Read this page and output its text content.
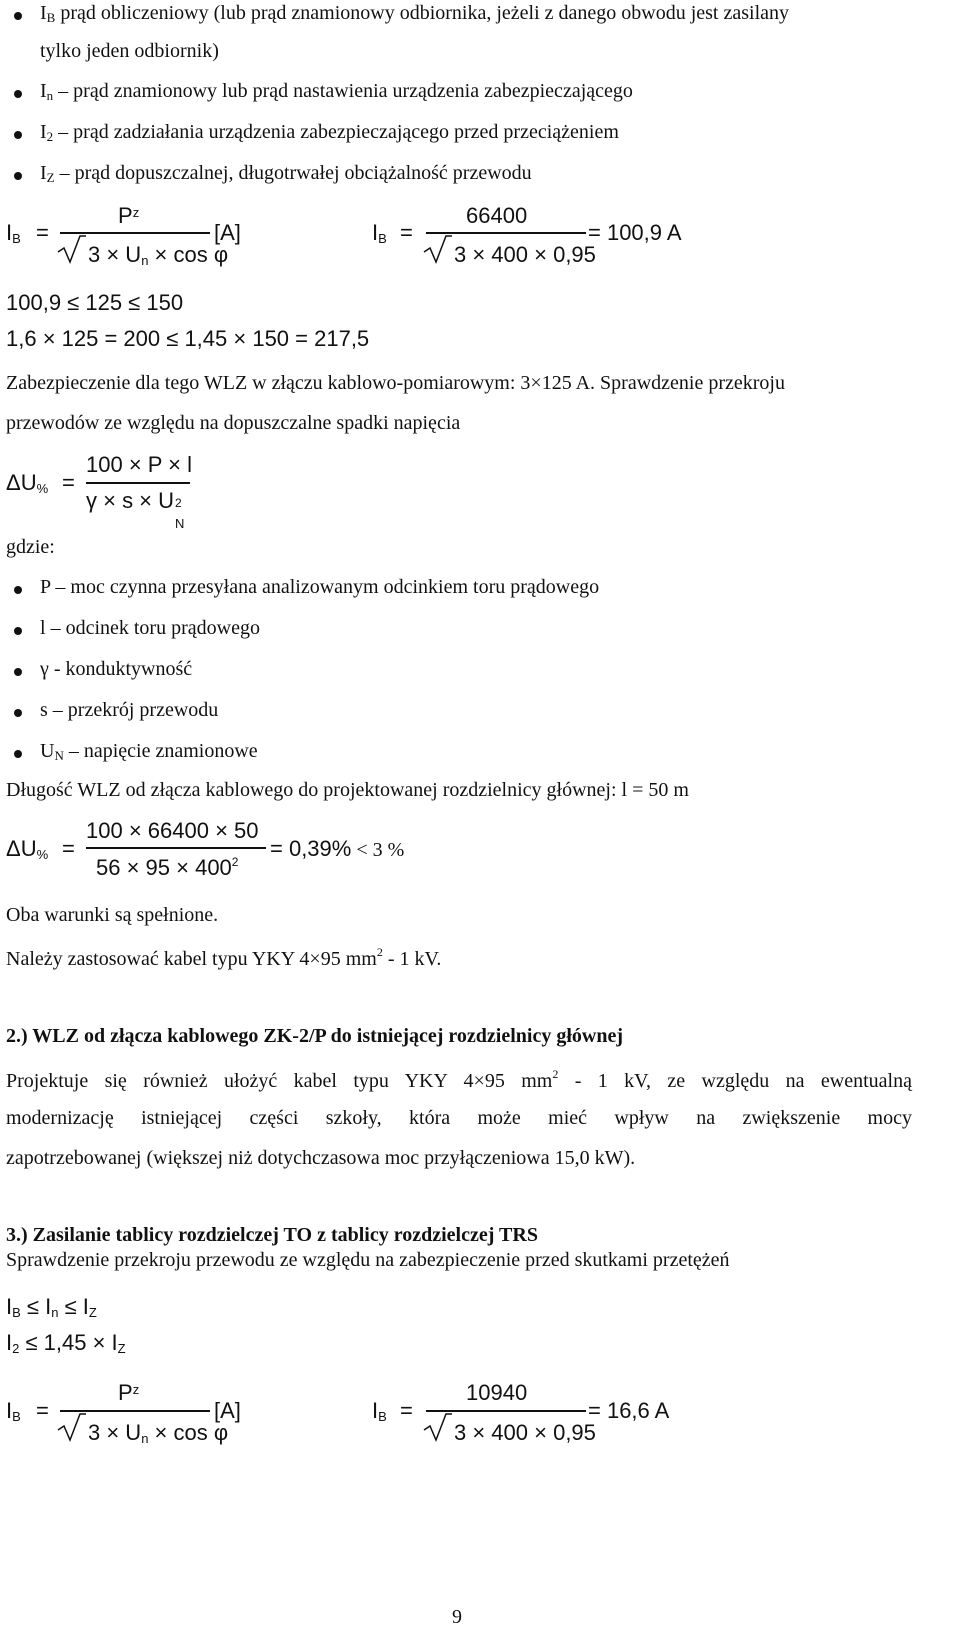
$I_B$ prąd obliczeniowy (lub prąd znamionowy odbiornika, jeżeli z danego obwodu jest zasilany
tylko jeden odbiornik)
$I_n$ – prąd znamionowy lub prąd nastawienia urządzenia zabezpieczającego
$I_2$ – prąd zadziałania urządzenia zabezpieczającego przed przeciążeniem
$I_Z$ – prąd dopuszczalnej, długotrwałej obciążalność przewodu
$I_B$ =
$P_z$
$3 \times U_n \times \cos \varphi$
[A]	$I_B$ =
66400
3 × 400 × 0,95
= 100,9 A
100,9 ≤ 125 ≤ 150
1,6 × 125 = 200 ≤ 1,45 × 150 = 217,5
Zabezpieczenie dla tego WLZ w złączu kablowo-pomiarowym: 3×125 A. Sprawdzenie przekroju
przewodów ze względu na dopuszczalne spadki napięcia
$\Delta U_{\%}$ =
100 × P × l
γ × s × U 2
N
gdzie:
P – moc czynna przesyłana analizowanym odcinkiem toru prądowego
l – odcinek toru prądowego
γ - konduktywność
s – przekrój przewodu
$U_N$ – napięcie znamionowe
Długość WLZ od złącza kablowego do projektowanej rozdzielnicy głównej: l = 50 m
$\Delta U_{\%}$ =
100 × 66400 × 50
$56 \times 95 \times 400^2$
= 0,39% < 3 %
Oba warunki są spełnione.
Należy zastosować kabel typu YKY 4×95 $mm^2 - 1$ kV.
2.) WLZ od złącza kablowego ZK-2/P do istniejącej rozdzielnicy głównej
Projektuje się również ułożyć kabel typu YKY 4×95 $mm^2 - 1$ kV, ze względu na ewentualną
modernizację istniejącej części szkoły, która może mieć wpływ na zwiększenie mocy
zapotrzebowanej (większej niż dotychczasowa moc przyłączeniowa 15,0 kW).
3.) Zasilanie tablicy rozdzielczej TO z tablicy rozdzielczej TRS
Sprawdzenie przekroju przewodu ze względu na zabezpieczenie przed skutkami przetężeń
$I_B \le I_n \le I_Z$
$I_2 \le 1,45 \times I_Z$
$I_B$ =
$P_z$
$3 \times U_n \times \cos \varphi$
[A]	$I_B$ =
10940
3 × 400 × 0,95
= 16,6 A
9
